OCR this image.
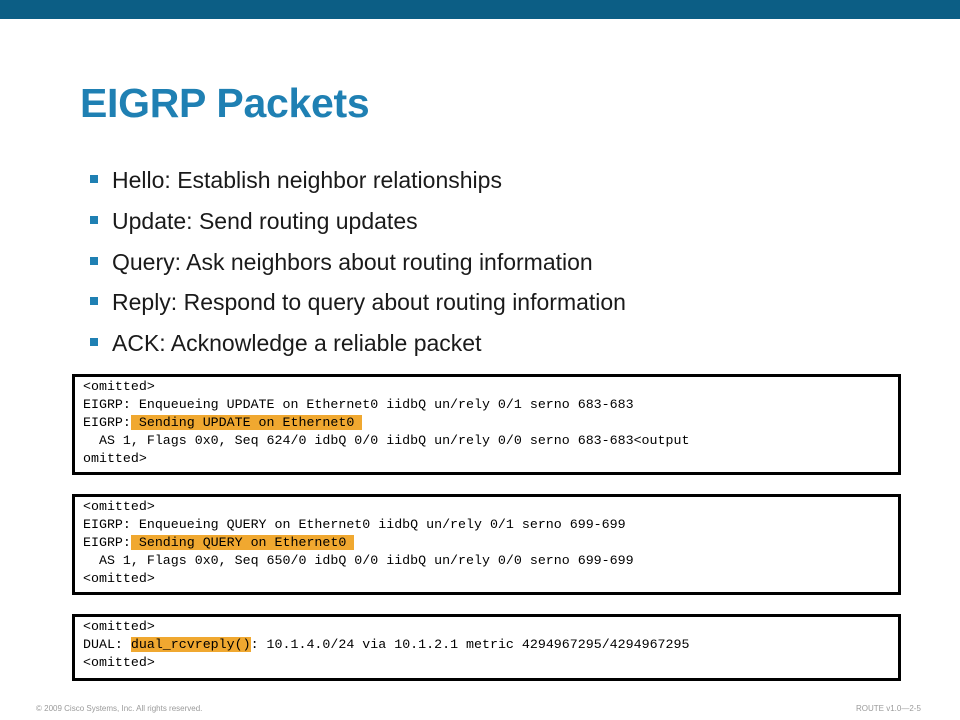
EIGRP Packets
Hello: Establish neighbor relationships
Update: Send routing updates
Query: Ask neighbors about routing information
Reply: Respond to query about routing information
ACK: Acknowledge a reliable packet
<omitted>
EIGRP: Enqueueing UPDATE on Ethernet0 iidbQ un/rely 0/1 serno 683-683
EIGRP: Sending UPDATE on Ethernet0
AS 1, Flags 0x0, Seq 624/0 idbQ 0/0 iidbQ un/rely 0/0 serno 683-683<output
omitted>
<omitted>
EIGRP: Enqueueing QUERY on Ethernet0 iidbQ un/rely 0/1 serno 699-699
EIGRP: Sending QUERY on Ethernet0
AS 1, Flags 0x0, Seq 650/0 idbQ 0/0 iidbQ un/rely 0/0 serno 699-699
<omitted>
<omitted>
DUAL: dual_rcvreply(): 10.1.4.0/24 via 10.1.2.1 metric 4294967295/4294967295
<omitted>
© 2009 Cisco Systems, Inc. All rights reserved.	ROUTE v1.0—2-5
